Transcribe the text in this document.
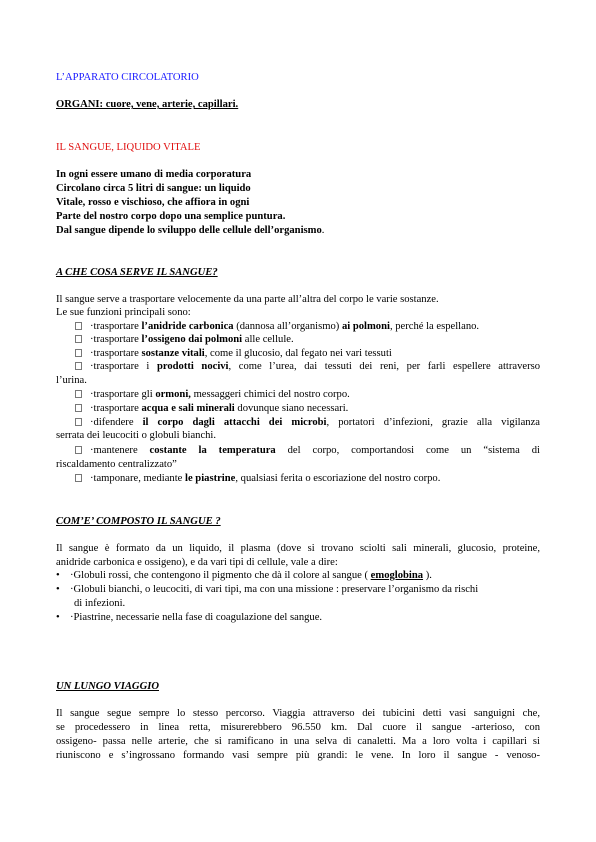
L’APPARATO CIRCOLATORIO
ORGANI: cuore, vene, arterie, capillari.
IL SANGUE, LIQUIDO VITALE
In ogni essere umano di media corporatura
Circolano circa 5 litri di sangue: un liquido
Vitale, rosso e vischioso, che affiora in ogni
Parte del nostro corpo dopo una semplice puntura.
Dal sangue dipende lo sviluppo delle cellule dell’organismo.
A CHE COSA SERVE IL SANGUE?
Il sangue serve a trasportare velocemente da una parte all’altra del corpo le varie sostanze.
Le sue funzioni principali sono:
·trasportare l’anidride carbonica (dannosa all’organismo) ai polmoni, perché la espellano.
·trasportare l’ossigeno dai polmoni alle cellule.
·trasportare sostanze vitali, come il glucosio, dal fegato nei vari tessuti
·trasportare i prodotti nocivi, come l’urea, dai tessuti dei reni, per farli espellere attraverso
l’urina.
·trasportare gli ormoni, messaggeri chimici del nostro corpo.
·trasportare acqua e sali minerali dovunque siano necessari.
·difendere il corpo dagli attacchi dei microbi, portatori d’infezioni, grazie alla vigilanza
serrata dei leucociti o globuli bianchi.
·mantenere costante la temperatura del corpo, comportandosi come un “sistema di
riscaldamento centralizzato”
·tamponare, mediante le piastrine, qualsiasi ferita o escoriazione del nostro corpo.
COM’E’ COMPOSTO IL SANGUE ?
Il sangue è formato da un liquido, il plasma (dove si trovano sciolti sali minerali, glucosio, proteine,
anidride carbonica e ossigeno), e da vari tipi di cellule, vale a dire:
• ·Globuli rossi, che contengono il pigmento che dà il colore al sangue ( emoglobina ).
• ·Globuli bianchi, o leucociti, di vari tipi, ma con una missione : preservare l’organismo da rischi
di infezioni.
• ·Piastrine, necessarie nella fase di coagulazione del sangue.
UN LUNGO VIAGGIO
Il sangue segue sempre lo stesso percorso. Viaggia attraverso dei tubicini detti vasi sanguigni che,
se procedessero in linea retta, misurerebbero 96.550 km. Dal cuore il sangue -arterioso, con
ossigeno- passa nelle arterie, che si ramificano in una selva di canaletti. Ma a loro volta i capillari si
riuniscono e s’ingrossano formando vasi sempre più grandi: le vene. In loro il sangue - venoso-
